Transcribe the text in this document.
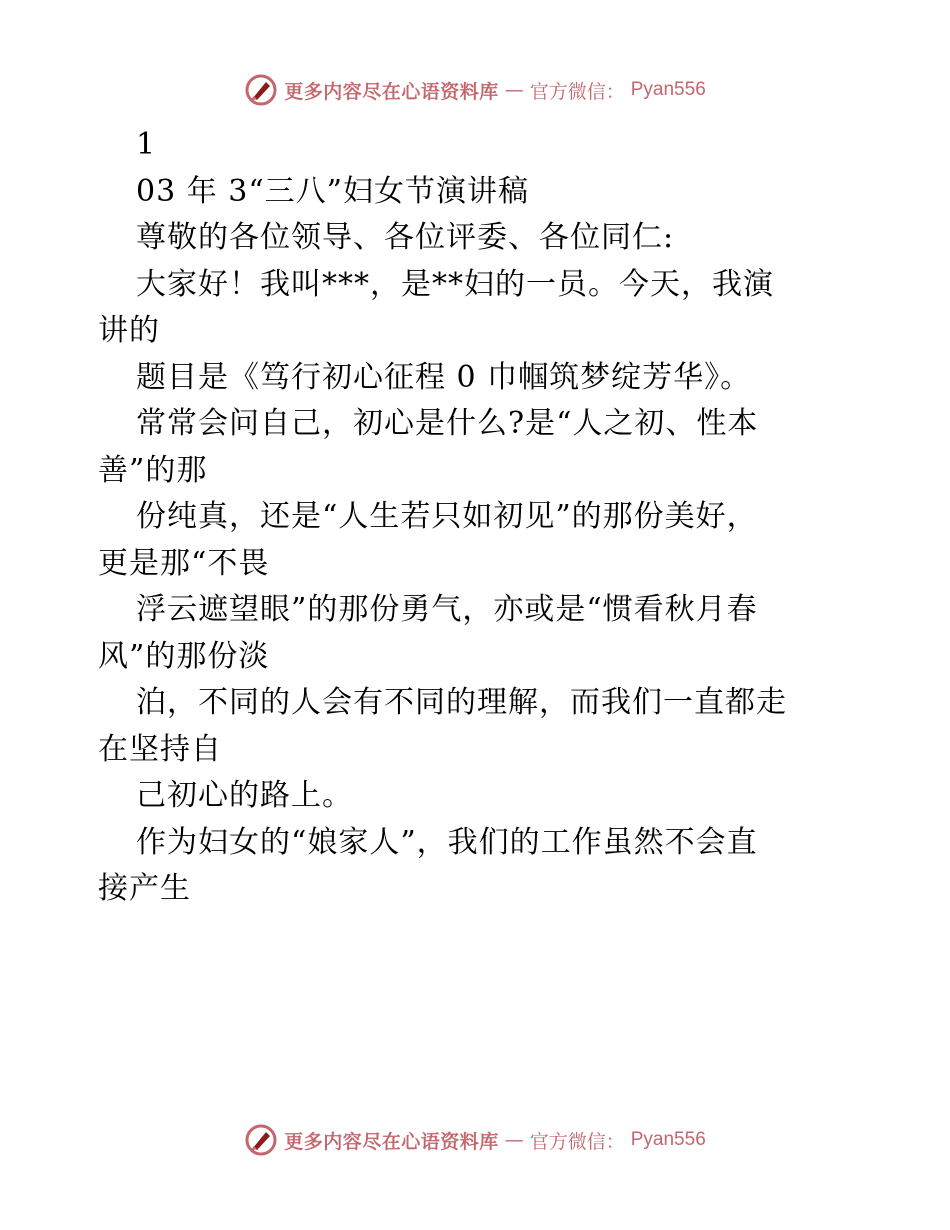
更多内容尽在心语资料库 — 官方微信： Pyan556
1
03 年 3“三八”妇女节演讲稿
尊敬的各位领导、各位评委、各位同仁:
大家好！我叫***，是**妇的一员。今天，我演
讲的
题目是《笃行初心征程 0 巾帼筑梦绽芳华》。
常常会问自己，初心是什么?是“人之初、性本
善”的那
份纯真，还是“人生若只如初见”的那份美好，
更是那“不畏
浮云遮望眼”的那份勇气，亦或是“惯看秋月春
风”的那份淡
泊，不同的人会有不同的理解，而我们一直都走
在坚持自
己初心的路上。
作为妇女的“娘家人”，我们的工作虽然不会直
接产生
更多内容尽在心语资料库 — 官方微信： Pyan556
